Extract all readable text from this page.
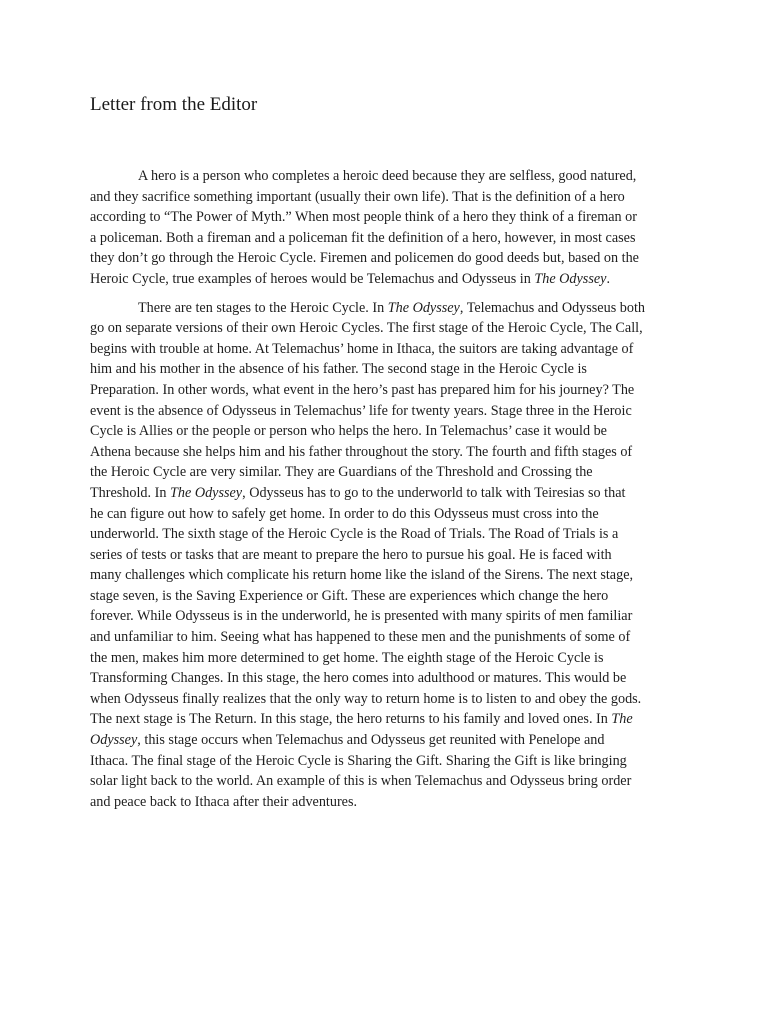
Letter from the Editor
A hero is a person who completes a heroic deed because they are selfless, good natured,
and they sacrifice something important (usually their own life). That is the definition of a hero
according to “The Power of Myth.” When most people think of a hero they think of a fireman or
a policeman. Both a fireman and a policeman fit the definition of a hero, however, in most cases
they don’t go through the Heroic Cycle. Firemen and policemen do good deeds but, based on the
Heroic Cycle, true examples of heroes would be Telemachus and Odysseus in The Odyssey.
There are ten stages to the Heroic Cycle. In The Odyssey, Telemachus and Odysseus both
go on separate versions of their own Heroic Cycles. The first stage of the Heroic Cycle, The Call,
begins with trouble at home. At Telemachus’ home in Ithaca, the suitors are taking advantage of
him and his mother in the absence of his father. The second stage in the Heroic Cycle is
Preparation. In other words, what event in the hero’s past has prepared him for his journey? The
event is the absence of Odysseus in Telemachus’ life for twenty years. Stage three in the Heroic
Cycle is Allies or the people or person who helps the hero. In Telemachus’ case it would be
Athena because she helps him and his father throughout the story. The fourth and fifth stages of
the Heroic Cycle are very similar. They are Guardians of the Threshold and Crossing the
Threshold. In The Odyssey, Odysseus has to go to the underworld to talk with Teiresias so that
he can figure out how to safely get home. In order to do this Odysseus must cross into the
underworld. The sixth stage of the Heroic Cycle is the Road of Trials. The Road of Trials is a
series of tests or tasks that are meant to prepare the hero to pursue his goal. He is faced with
many challenges which complicate his return home like the island of the Sirens. The next stage,
stage seven, is the Saving Experience or Gift. These are experiences which change the hero
forever. While Odysseus is in the underworld, he is presented with many spirits of men familiar
and unfamiliar to him. Seeing what has happened to these men and the punishments of some of
the men, makes him more determined to get home. The eighth stage of the Heroic Cycle is
Transforming Changes. In this stage, the hero comes into adulthood or matures. This would be
when Odysseus finally realizes that the only way to return home is to listen to and obey the gods.
The next stage is The Return. In this stage, the hero returns to his family and loved ones. In The
Odyssey, this stage occurs when Telemachus and Odysseus get reunited with Penelope and
Ithaca. The final stage of the Heroic Cycle is Sharing the Gift. Sharing the Gift is like bringing
solar light back to the world. An example of this is when Telemachus and Odysseus bring order
and peace back to Ithaca after their adventures.
